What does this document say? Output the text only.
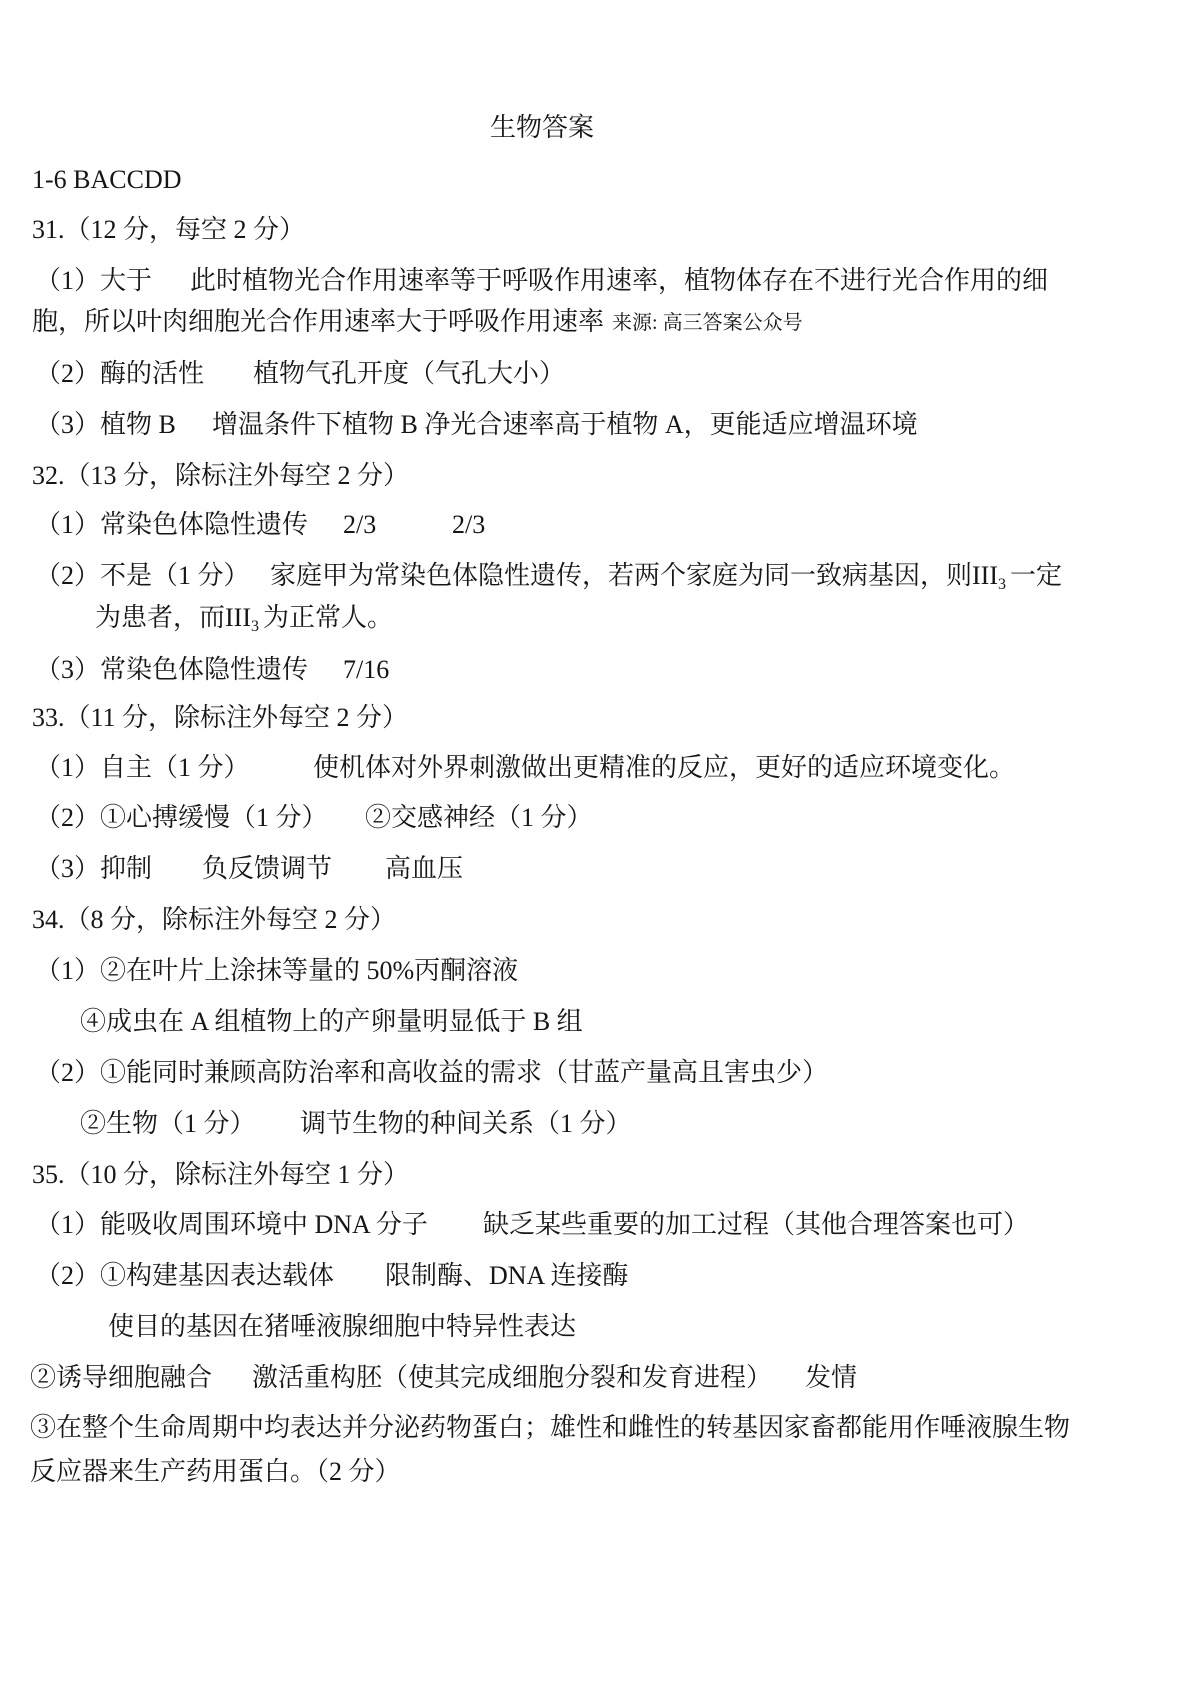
生物答案
1-6 BACCDD
31.（12 分，每空 2 分）
（1）大于 此时植物光合作用速率等于呼吸作用速率，植物体存在不进行光合作用的细
胞，所以叶肉细胞光合作用速率大于呼吸作用速率 来源: 高三答案公众号
（2）酶的活性 植物气孔开度（气孔大小）
（3）植物 B 增温条件下植物 B 净光合速率高于植物 A，更能适应增温环境
32.（13 分，除标注外每空 2 分）
（1）常染色体隐性遗传 2/3	2/3
（2）不是（1 分） 家庭甲为常染色体隐性遗传，若两个家庭为同一致病基因，则$III_3$ 一定
为患者，而$III_3$ 为正常人。
（3）常染色体隐性遗传 7/16
33.（11 分，除标注外每空 2 分）
（1）自主（1 分） 使机体对外界刺激做出更精准的反应，更好的适应环境变化。
（2）①心搏缓慢（1 分） ②交感神经（1 分）
（3）抑制 负反馈调节 高血压
34.（8 分，除标注外每空 2 分）
（1）②在叶片上涂抹等量的 50%丙酮溶液
④成虫在 A 组植物上的产卵量明显低于 B 组
（2）①能同时兼顾高防治率和高收益的需求（甘蓝产量高且害虫少）
②生物（1 分） 调节生物的种间关系（1 分）
35.（10 分，除标注外每空 1 分）
（1）能吸收周围环境中 DNA 分子 缺乏某些重要的加工过程（其他合理答案也可）
（2）①构建基因表达载体 限制酶、DNA 连接酶
使目的基因在猪唾液腺细胞中特异性表达
②诱导细胞融合 激活重构胚（使其完成细胞分裂和发育进程） 发情
③在整个生命周期中均表达并分泌药物蛋白；雄性和雌性的转基因家畜都能用作唾液腺生物
反应器来生产药用蛋白。（2 分）
